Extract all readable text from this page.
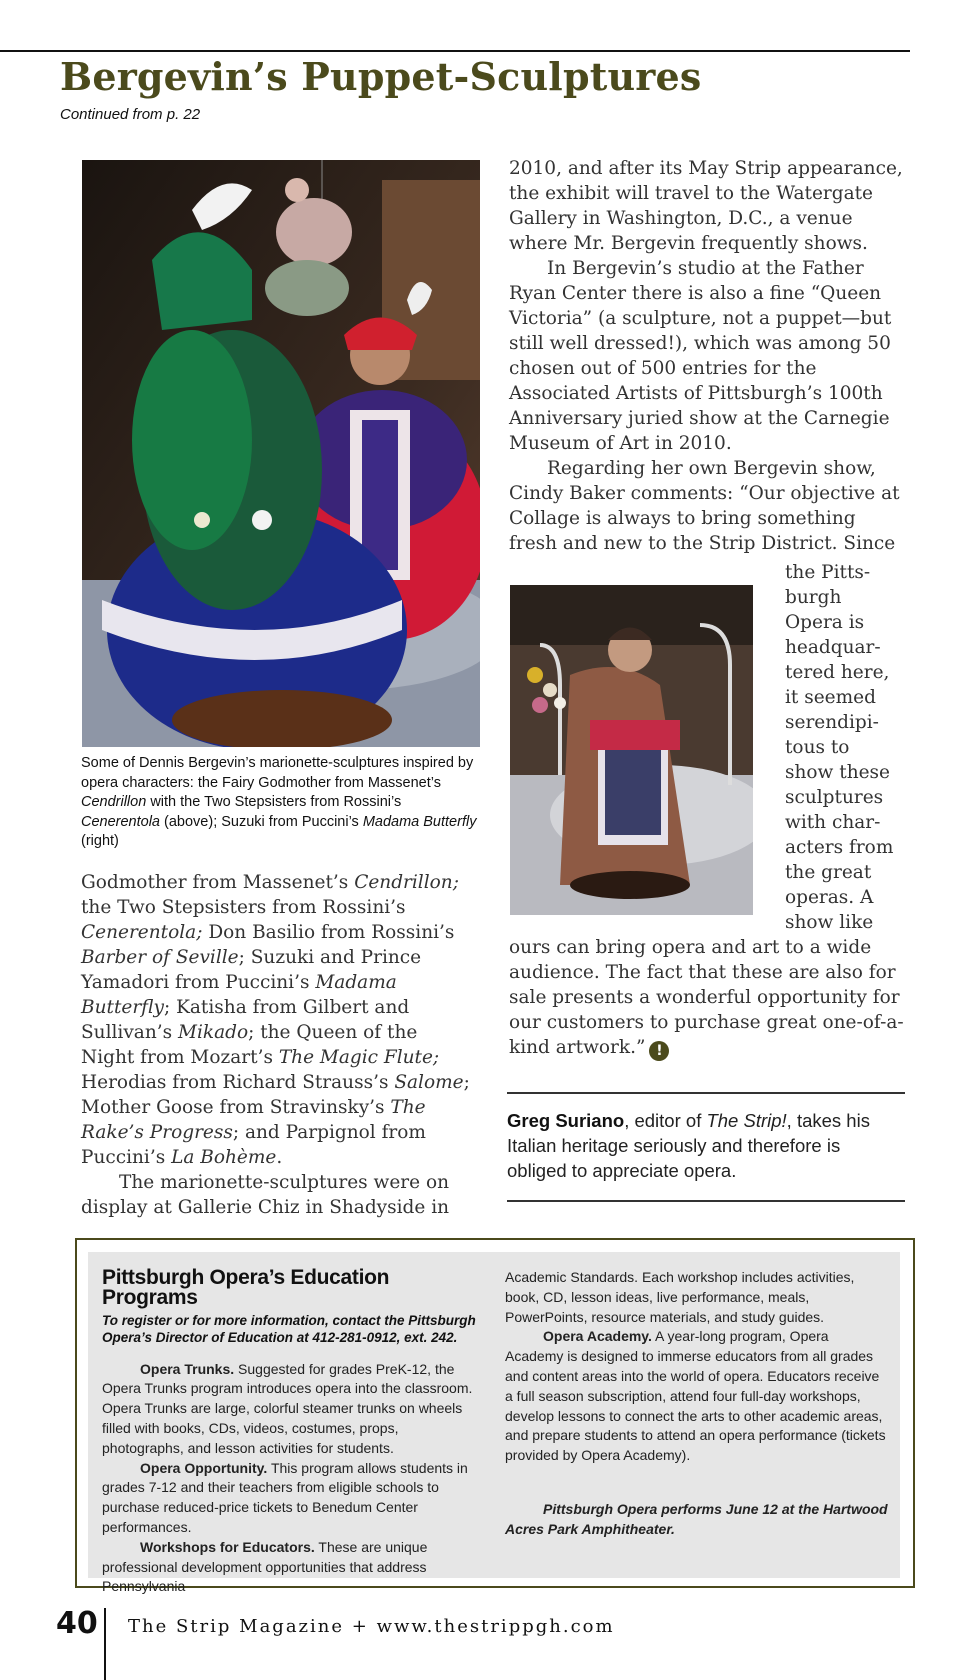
Bergevin’s Puppet-Sculptures
Continued from p. 22
Some of Dennis Bergevin’s marionette-sculptures inspired by opera characters: the Fairy Godmother from Massenet’s Cendrillon with the Two Stepsisters from Rossini’s Cenerentola (above); Suzuki from Puccini’s Madama Butterfly (right)

Godmother from Massenet’s Cendrillon; the Two Stepsisters from Rossini’s Cenerentola; Don Basilio from Rossini’s Barber of Seville; Suzuki and Prince Yamadori from Puccini’s Madama Butterfly; Katisha from Gilbert and Sullivan’s Mikado; the Queen of the Night from Mozart’s The Magic Flute; Herodias from Richard Strauss’s Salome; Mother Goose from Stravinsky’s The Rake’s Progress; and Parpignol from Puccini’s La Bohème.

The marionette-sculptures were on display at Gallerie Chiz in Shadyside in

2010, and after its May Strip appearance, the exhibit will travel to the Watergate Gallery in Washington, D.C., a venue where Mr. Bergevin frequently shows.

In Bergevin’s studio at the Father Ryan Center there is also a fine “Queen Victoria” (a sculpture, not a puppet—but still well dressed!), which was among 50 chosen out of 500 entries for the Associated Artists of Pittsburgh’s 100th Anniversary juried show at the Carnegie Museum of Art in 2010.

Regarding her own Bergevin show, Cindy Baker comments: “Our objective at Collage is always to bring something fresh and new to the Strip District. Since

the Pitts-
burgh
Opera is
headquar-
tered here,
it seemed
serendipi-
tous to
show these
sculptures
with char-
acters from
the great
operas. A
show like

ours can bring opera and art to a wide audience. The fact that these are also for sale presents a wonderful opportunity for our customers to purchase great one-of-a-kind artwork.” !

Greg Suriano, editor of The Strip!, takes his Italian heritage seriously and therefore is obliged to appreciate opera.
Pittsburgh Opera’s Education Programs
To register or for more information, contact the Pittsburgh Opera’s Director of Education at 412-281-0912, ext. 242.

Opera Trunks. Suggested for grades PreK-12, the Opera Trunks program introduces opera into the classroom. Opera Trunks are large, colorful steamer trunks on wheels filled with books, CDs, videos, costumes, props, photographs, and lesson activities for students.

Opera Opportunity. This program allows students in grades 7-12 and their teachers from eligible schools to purchase reduced-price tickets to Benedum Center performances.

Workshops for Educators. These are unique professional development opportunities that address Pennsylvania

Academic Standards. Each workshop includes activities, book, CD, lesson ideas, live performance, meals, PowerPoints, resource materials, and study guides.

Opera Academy. A year-long program, Opera Academy is designed to immerse educators from all grades and content areas into the world of opera. Educators receive a full season subscription, attend four full-day workshops, develop lessons to connect the arts to other academic areas, and prepare students to attend an opera performance (tickets provided by Opera Academy).

Pittsburgh Opera performs June 12 at the Hartwood Acres Park Amphitheater.

40 The Strip Magazine + www.thestrippgh.com
